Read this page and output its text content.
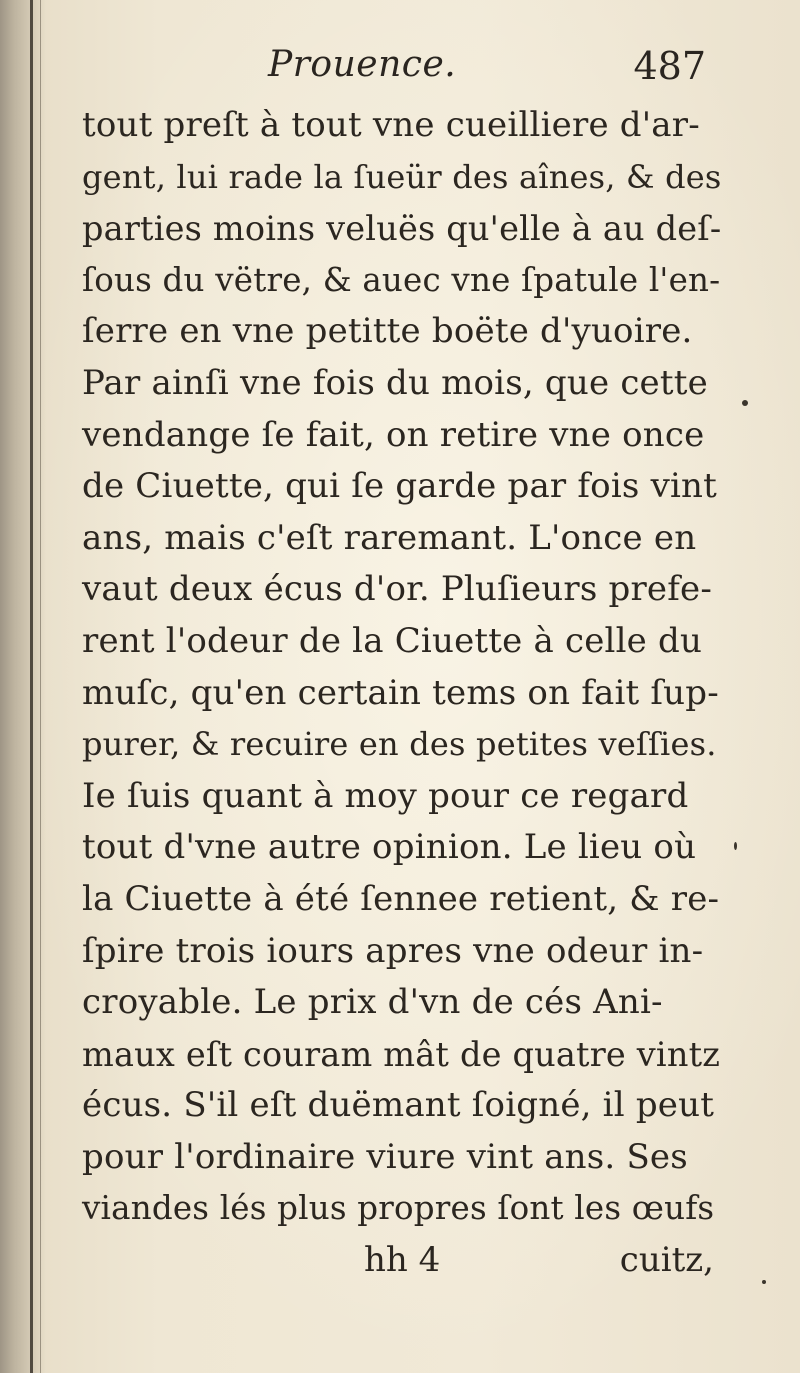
Prouence.	487
tout preſt à tout vne cueilliere d'ar-
gent, lui rade la ſueür des aînes, & des
parties moins veluës qu'elle à au deſ-
ſous du vëtre, & auec vne ſpatule l'en-
ſerre en vne petitte boëte d'yuoire.
Par ainſi vne fois du mois, que cette
vendange ſe fait, on retire vne once
de Ciuette, qui ſe garde par fois vint
ans, mais c'eſt raremant. L'once en
vaut deux écus d'or. Pluſieurs prefe-
rent l'odeur de la Ciuette à celle du
muſc, qu'en certain tems on fait ſup-
purer, & recuire en des petites veſſies.
Ie ſuis quant à moy pour ce regard
tout d'vne autre opinion. Le lieu où
la Ciuette à été ſennee retient, & re-
ſpire trois iours apres vne odeur in-
croyable. Le prix d'vn de cés Ani-
maux eſt couram mât de quatre vintz
écus. S'il eſt duëmant ſoigné, il peut
pour l'ordinaire viure vint ans. Ses
viandes lés plus propres ſont les œufs
hh 4	cuitz,
